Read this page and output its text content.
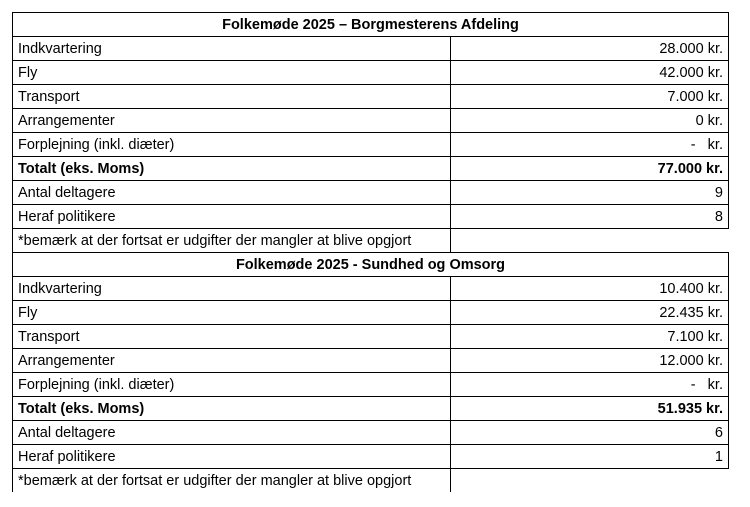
Folkemøde 2025 – Borgmesterens Afdeling	
Indkvartering	28.000 kr.
Fly	42.000 kr.
Transport	7.000 kr.
Arrangementer	0 kr.
Forplejning (inkl. diæter)	-   kr.
Totalt (eks. Moms)	77.000 kr.
Antal deltagere	9
Heraf politikere	8
*bemærk at der fortsat er udgifter der mangler at blive opgjort	
Folkemøde 2025 - Sundhed og Omsorg	
Indkvartering	10.400 kr.
Fly	22.435 kr.
Transport	7.100 kr.
Arrangementer	12.000 kr.
Forplejning (inkl. diæter)	-   kr.
Totalt (eks. Moms)	51.935 kr.
Antal deltagere	6
Heraf politikere	1
*bemærk at der fortsat er udgifter der mangler at blive opgjort	
